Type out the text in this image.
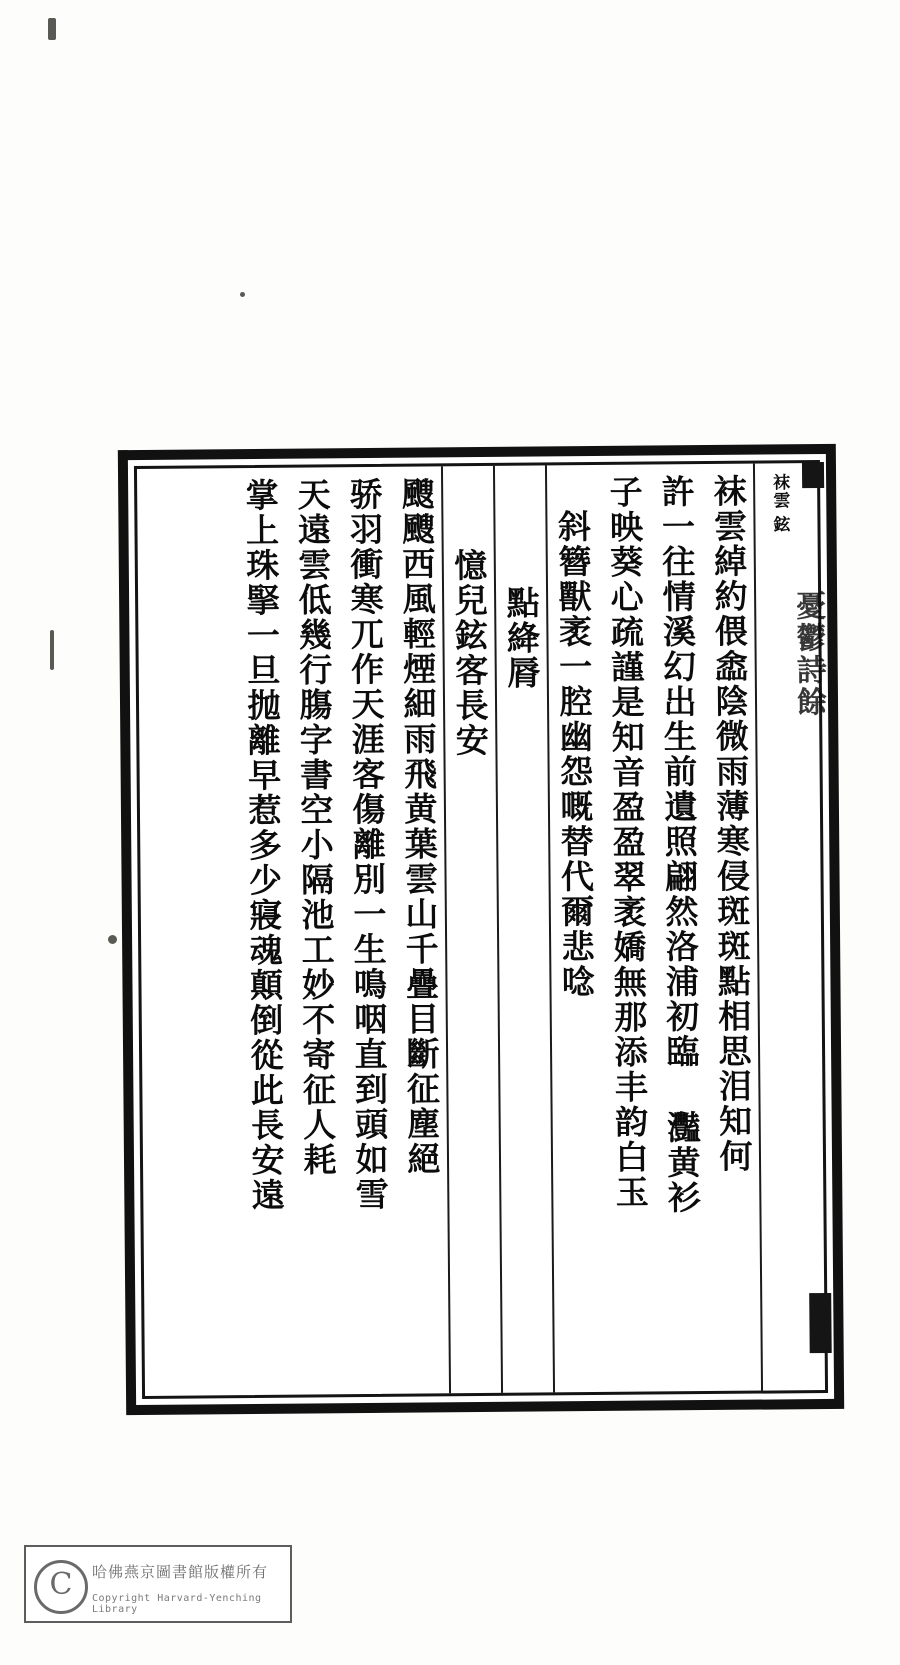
袜雲
鉉
袜雲綽約偎嵞陰微雨薄寒侵斑斑點相思泪知何
許一往情溪幻出生前遺照翩然洛浦初臨 灩黄衫
子映葵心疏謹是知音盈盈翠袤嬌無那添丰韵白玉
斜簪獸袤一腔幽怨嘅替代爾悲唸
點絳脣
憶兒鉉客長安
颼颼西風輕煙細雨飛黄葉雲山千疊目斷征塵絕
骄羽衝寒兀作天涯客傷離別一生鳴咽直到頭如雪
天遠雲低幾行膓字書空小隔池工妙不寄征人耗
掌上珠掔一旦抛離早惹多少寢魂顛倒從此長安遠	憂鬱詩餘
C	哈佛燕京圖書館版權所有
Copyright Harvard-Yenching Library
